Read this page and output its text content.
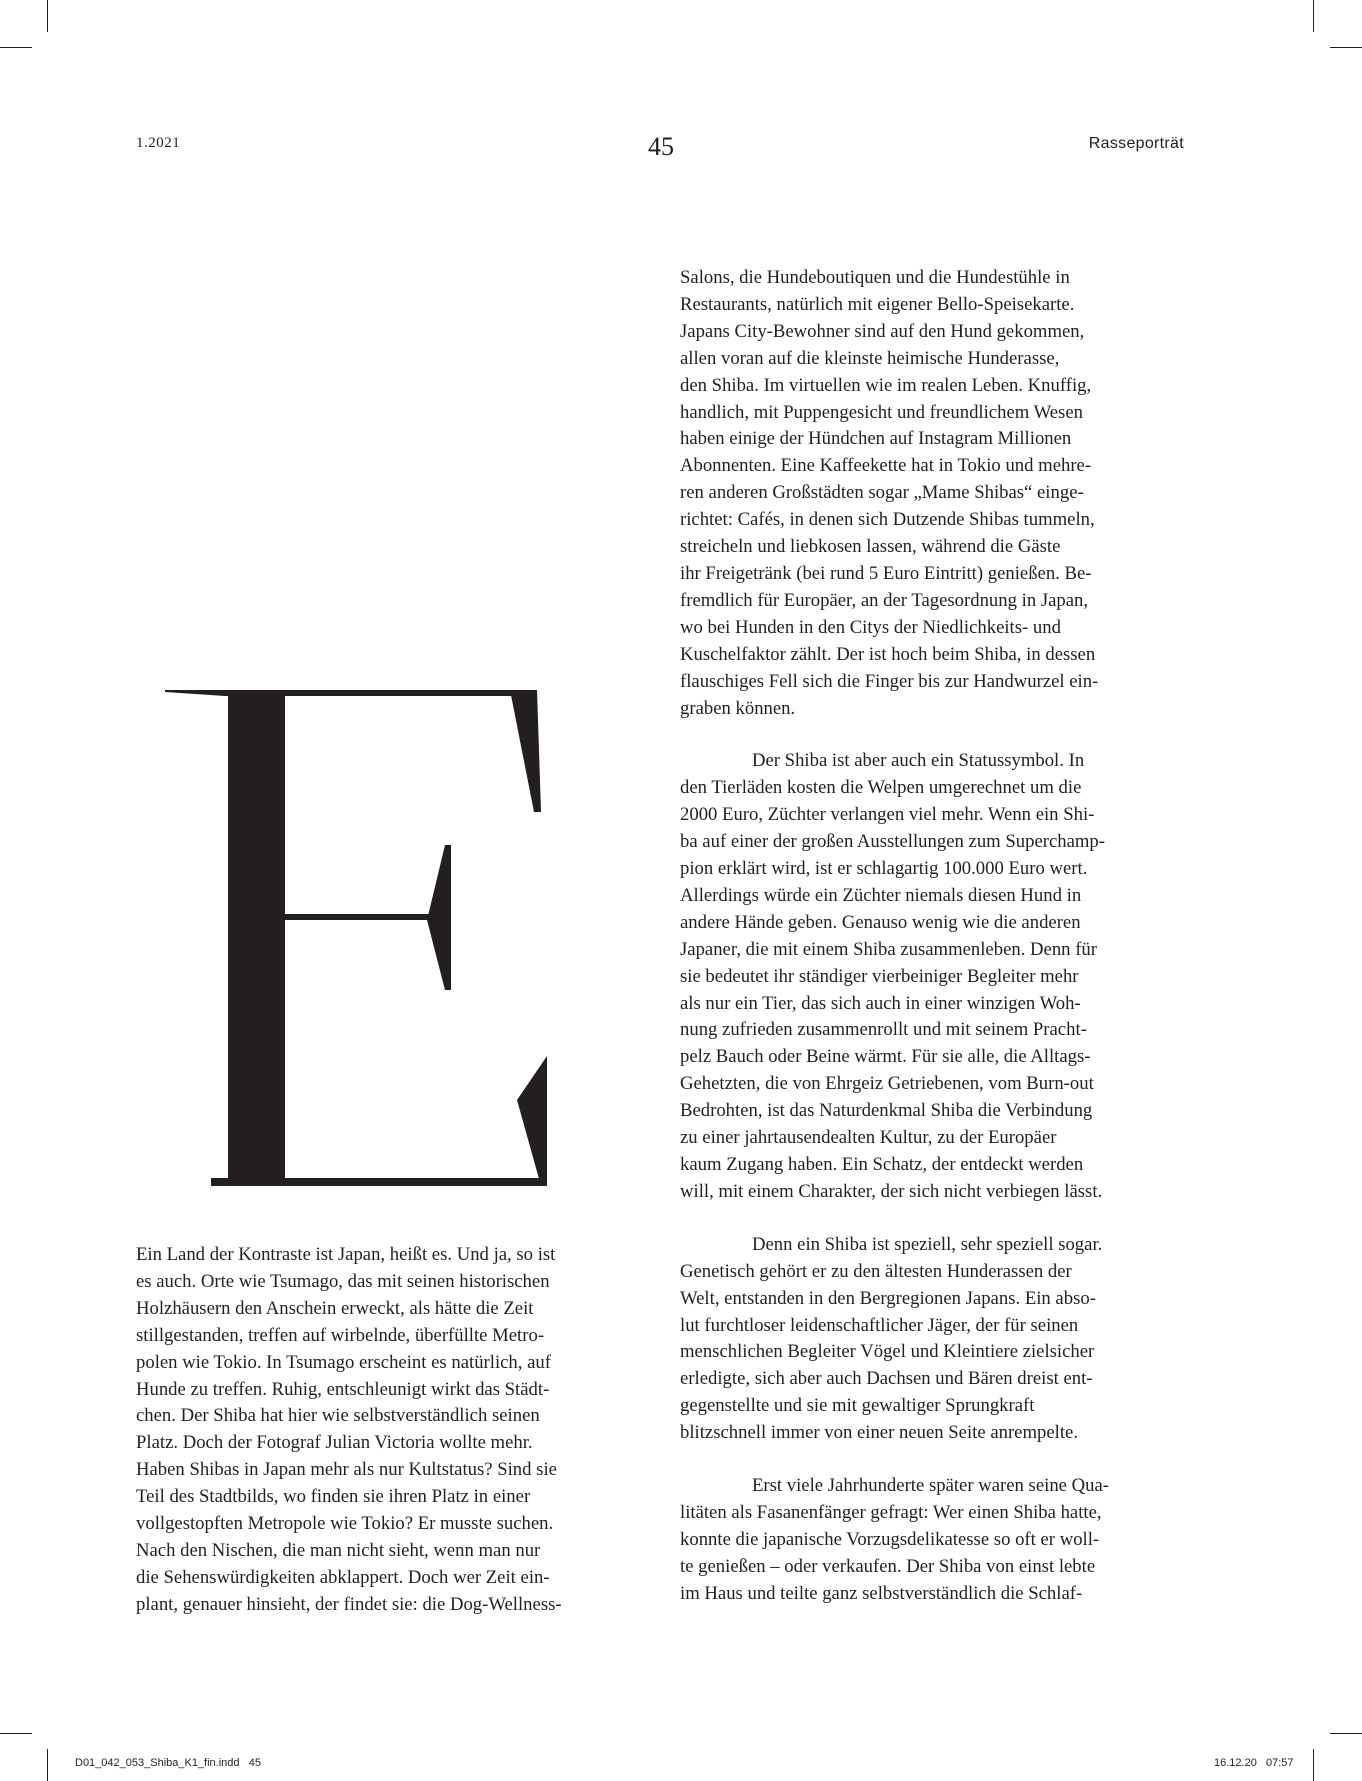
1.2021	45	Rasseporträt

Ein Land der Kontraste ist Japan, heißt es. Und ja, so ist

es auch. Orte wie Tsumago, das mit seinen historischen

Holzhäusern den Anschein erweckt, als hätte die Zeit

stillgestanden, treffen auf wirbelnde, überfüllte Metro-

polen wie Tokio. In Tsumago erscheint es natürlich, auf

Hunde zu treffen. Ruhig, entschleunigt wirkt das Städt-

chen. Der Shiba hat hier wie selbstverständlich seinen

Platz. Doch der Fotograf Julian Victoria wollte mehr.

Haben Shibas in Japan mehr als nur Kultstatus? Sind sie

Teil des Stadtbilds, wo finden sie ihren Platz in einer

vollgestopften Metropole wie Tokio? Er musste suchen.

Nach den Nischen, die man nicht sieht, wenn man nur

die Sehenswürdigkeiten abklappert. Doch wer Zeit ein-

plant, genauer hinsieht, der findet sie: die Dog-Wellness-

Salons, die Hundeboutiquen und die Hundestühle in

Restaurants, natürlich mit eigener Bello-Speisekarte.

Japans City-Bewohner sind auf den Hund gekommen,

allen voran auf die kleinste heimische Hunderasse,

den Shiba. Im virtuellen wie im realen Leben. Knuffig,

handlich, mit Puppengesicht und freundlichem Wesen

haben einige der Hündchen auf Instagram Millionen

Abonnenten. Eine Kaffeekette hat in Tokio und mehre-

ren anderen Großstädten sogar „Mame Shibas“ einge-

richtet: Cafés, in denen sich Dutzende Shibas tummeln,

streicheln und liebkosen lassen, während die Gäste

ihr Freigetränk (bei rund 5 Euro Eintritt) genießen. Be-

fremdlich für Europäer, an der Tagesordnung in Japan,

wo bei Hunden in den Citys der Niedlichkeits- und

Kuschelfaktor zählt. Der ist hoch beim Shiba, in dessen

flauschiges Fell sich die Finger bis zur Handwurzel ein-

graben können.

Der Shiba ist aber auch ein Statussymbol. In

den Tierläden kosten die Welpen umgerechnet um die

2000 Euro, Züchter verlangen viel mehr. Wenn ein Shi-

ba auf einer der großen Ausstellungen zum Superchamp-

pion erklärt wird, ist er schlagartig 100.000 Euro wert.

Allerdings würde ein Züchter niemals diesen Hund in

andere Hände geben. Genauso wenig wie die anderen

Japaner, die mit einem Shiba zusammenleben. Denn für

sie bedeutet ihr ständiger vierbeiniger Begleiter mehr

als nur ein Tier, das sich auch in einer winzigen Woh-

nung zufrieden zusammenrollt und mit seinem Pracht-

pelz Bauch oder Beine wärmt. Für sie alle, die Alltags-

Gehetzten, die von Ehrgeiz Getriebenen, vom Burn-out

Bedrohten, ist das Naturdenkmal Shiba die Verbindung

zu einer jahrtausendealten Kultur, zu der Europäer

kaum Zugang haben. Ein Schatz, der entdeckt werden

will, mit einem Charakter, der sich nicht verbiegen lässt.

Denn ein Shiba ist speziell, sehr speziell sogar.

Genetisch gehört er zu den ältesten Hunderassen der

Welt, entstanden in den Bergregionen Japans. Ein abso-

lut furchtloser leidenschaftlicher Jäger, der für seinen

menschlichen Begleiter Vögel und Kleintiere zielsicher

erledigte, sich aber auch Dachsen und Bären dreist ent-

gegenstellte und sie mit gewaltiger Sprungkraft

blitzschnell immer von einer neuen Seite anrempelte.

Erst viele Jahrhunderte später waren seine Qua-

litäten als Fasanenfänger gefragt: Wer einen Shiba hatte,

konnte die japanische Vorzugsdelikatesse so oft er woll-

te genießen – oder verkaufen. Der Shiba von einst lebte

im Haus und teilte ganz selbstverständlich die Schlaf-

D01_042_053_Shiba_K1_fin.indd   45	16.12.20   07:57
